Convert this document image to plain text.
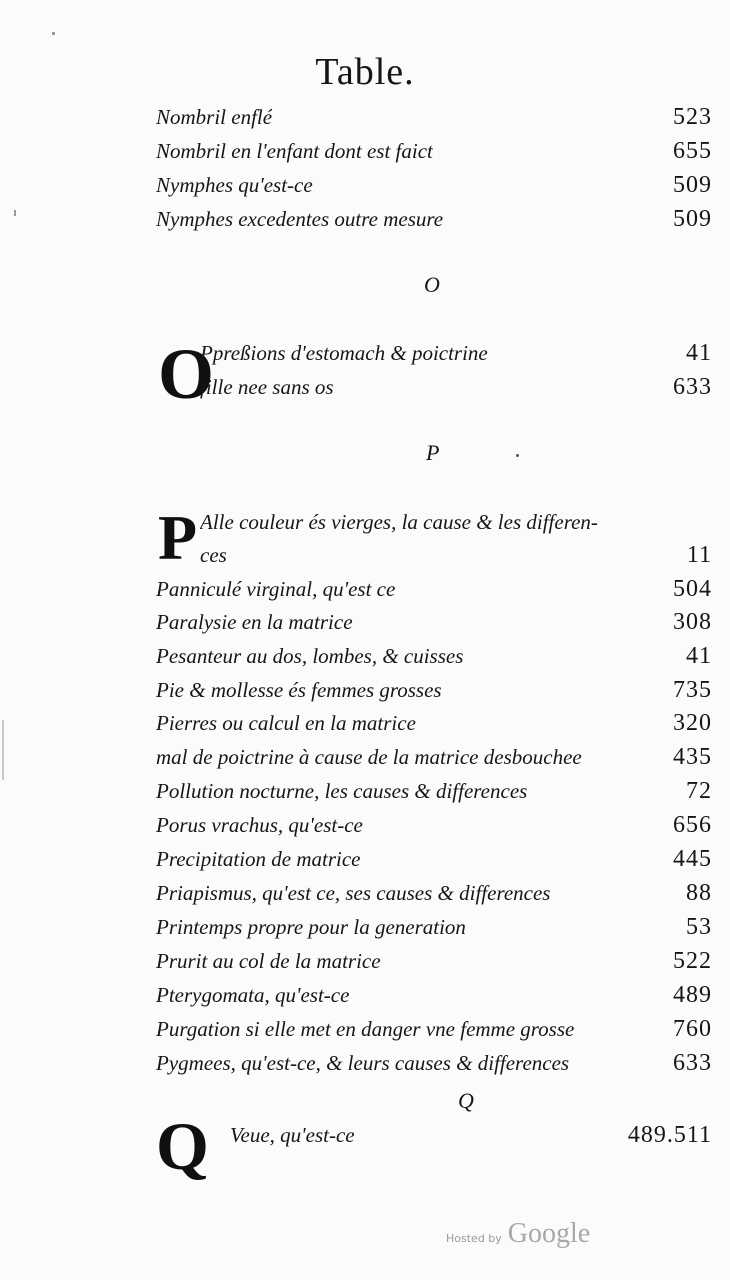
Table.
Nombril enflé	523
Nombril en l'enfant dont est faict	655
Nymphes qu'est-ce	509
Nymphes excedentes outre mesure	509
O
O
Ppreßions d'estomach & poictrine	41
fille nee sans os	633
P
P Alle couleur és vierges, la cause & les differen-
ces	11
Panniculé virginal, qu'est ce	504
Paralysie en la matrice	308
Pesanteur au dos, lombes, & cuisses	41
Pie & mollesse és femmes grosses	735
Pierres ou calcul en la matrice	320
mal de poictrine à cause de la matrice desbouchee	435
Pollution nocturne, les causes & differences	72
Porus vrachus, qu'est-ce	656
Precipitation de matrice	445
Priapismus, qu'est ce, ses causes & differences	88
Printemps propre pour la generation	53
Prurit au col de la matrice	522
Pterygomata, qu'est-ce	489
Purgation si elle met en danger vne femme grosse	760
Pygmees, qu'est-ce, & leurs causes & differences	633
Q
Q Veue, qu'est-ce	489.511
Hosted by Google
